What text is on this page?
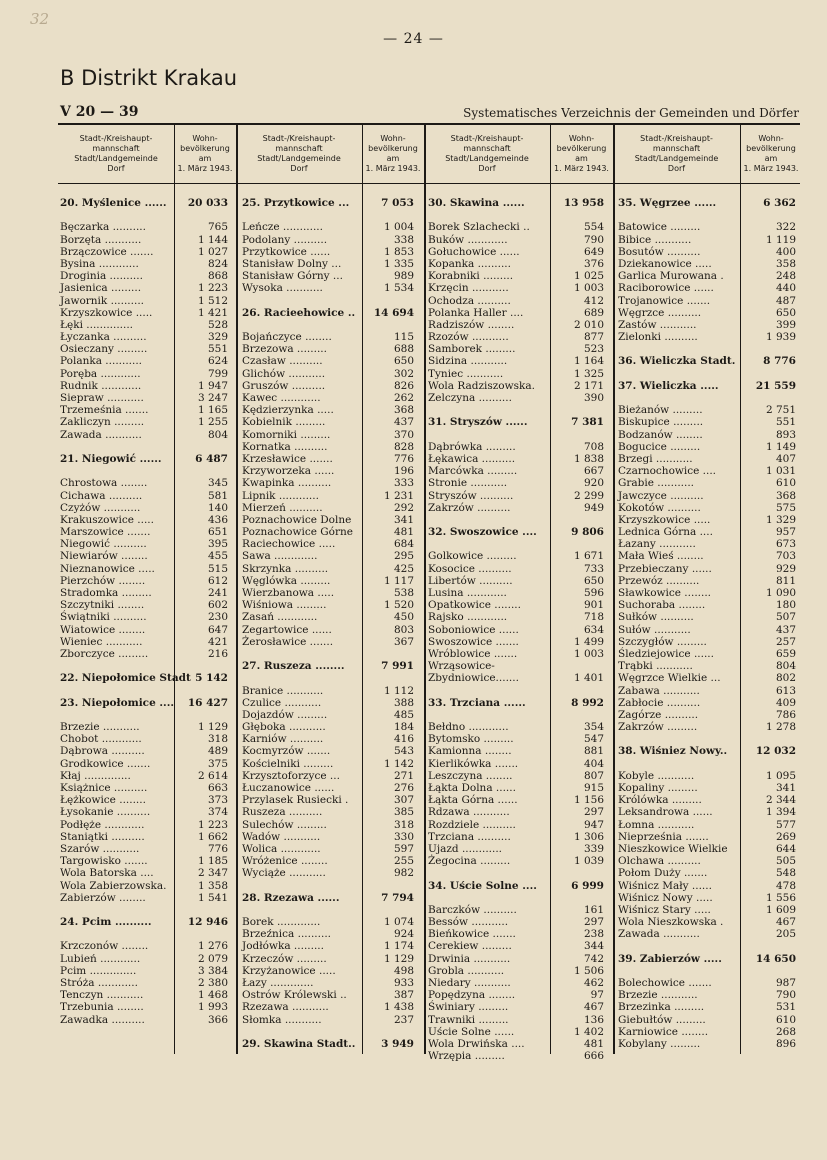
32
— 24 —
B Distrikt Krakau
V 20 — 39	Systematisches Verzeichnis der Gemeinden und Dörfer
Stadt-/Kreishaupt-
mannschaft
Stadt/Landgemeinde
Dorf
Wohn-
bevölkerung
am
1. März 1943.
Stadt-/Kreishaupt-
mannschaft
Stadt/Landgemeinde
Dorf
Wohn-
bevölkerung
am
1. März 1943.
Stadt-/Kreishaupt-
mannschaft
Stadt/Landgemeinde
Dorf
Wohn-
bevölkerung
am
1. März 1943.
Stadt-/Kreishaupt-
mannschaft
Stadt/Landgemeinde
Dorf
Wohn-
bevölkerung
am
1. März 1943.
20. Myślenice ......	20 033
Bęczarka ..........	765
Borzęta ...........	1 144
Brzączowice .......	1 027
Bysina ............	824
Droginia ..........	868
Jasienica .........	1 223
Jawornik ..........	1 512
Krzyszkowice .....	1 421
Łęki ..............	528
Łyczanka ..........	329
Osieczany .........	551
Polanka ...........	624
Poręba ............	799
Rudnik ............	1 947
Siepraw ...........	3 247
Trzemeśnia .......	1 165
Zakliczyn .........	1 255
Zawada ...........	804
21. Niegowić ......	6 487
Chrostowa ........	345
Cichawa ..........	581
Czyżów ...........	140
Krakuszowice .....	436
Marszowice .......	651
Niegowić ..........	395
Niewiarów ........	455
Nieznanowice .....	515
Pierzchów ........	612
Stradomka .........	241
Szczytniki ........	602
Świątniki ..........	230
Wiatowice ........	647
Wieniec ...........	421
Zborczyce .........	216
22. Niepołomice Stadt 5 142
23. Niepołomice ....	16 427
Brzezie ...........	1 129
Chobot ............	318
Dąbrowa ..........	489
Grodkowice .......	375
Kłaj ..............	2 614
Książnice ..........	663
Łężkowice ........	373
Łysokanie ..........	374
Podłęże ............	1 223
Staniątki ..........	1 662
Szarów ...........	776
Targowisko .......	1 185
Wola Batorska ....	2 347
Wola Zabierzowska.	1 358
Zabierzów ........	1 541
24. Pcim ..........	12 946
Krzczonów ........	1 276
Lubień ............	2 079
Pcim ..............	3 384
Stróża ............	2 380
Tenczyn ...........	1 468
Trzebunia ........	1 993
Zawadka ..........	366
25. Przytkowice ...	7 053
Leńcze ............	1 004
Podolany ..........	338
Przytkowice ......	1 853
Stanisław Dolny ...	1 335
Stanisław Górny ...	989
Wysoka ...........	1 534
26. Racieehowice ..	14 694
Bojańczyce ........	115
Brzezowa .........	688
Czasław ..........	650
Glichów ...........	302
Gruszów ..........	826
Kawec ............	262
Kędzierzynka .....	368
Kobielnik .........	437
Komorniki .........	370
Kornatka ..........	828
Krzesławice .......	776
Krzyworzeka ......	196
Kwapinka ..........	333
Lipnik ............	1 231
Mierzeń ..........	292
Poznachowice Dolne	341
Poznachowice Górne	481
Raciechowice .....	684
Sawa .............	295
Skrzynka ..........	425
Węglówka .........	1 117
Wierzbanowa .....	538
Wiśniowa .........	1 520
Zasań ............	450
Zegartowice ......	803
Żerosławice .......	367
27. Ruszeza ........	7 991
Branice ...........	1 112
Czulice ...........	388
Dojazdów .........	485
Głęboka ...........	184
Karniów ..........	416
Kocmyrzów .......	543
Kościelniki .........	1 142
Krzysztoforzyce ...	271
Łuczanowice ......	276
Przylasek Rusiecki .	307
Ruszeza ..........	385
Sulechów .........	318
Wadów ...........	330
Wolica ............	597
Wróżenice ........	255
Wyciąże ...........	982
28. Rzezawa ......	7 794
Borek .............	1 074
Brzeźnica ..........	924
Jodłówka .........	1 174
Krzeczów .........	1 129
Krzyżanowice .....	498
Łazy .............	933
Ostrów Królewski ..	387
Rzezawa ...........	1 438
Słomka ...........	237
29. Skawina Stadt..	3 949
30. Skawina ......	13 958
Borek Szlachecki ..	554
Buków ............	790
Gołuchowice ......	649
Kopanka ..........	376
Korabniki .........	1 025
Krzęcin ...........	1 003
Ochodza ..........	412
Polanka Haller ....	689
Radziszów ........	2 010
Rzozów ...........	877
Samborek .........	523
Sidzina ...........	1 164
Tyniec ...........	1 325
Wola Radziszowska.	2 171
Zelczyna ..........	390
31. Stryszów ......	7 381
Dąbrówka .........	708
Łękawica ..........	1 838
Marcówka .........	667
Stronie ...........	920
Stryszów ..........	2 299
Zakrzów ..........	949
32. Swoszowice ....	9 806
Golkowice .........	1 671
Kosocice ..........	733
Libertów ..........	650
Lusina ............	596
Opatkowice ........	901
Rajsko ............	718
Soboniowice ......	634
Swoszowice .......	1 499
Wróblowice .......	1 003
Wrząsowice-
Zbydniowice.......	1 401
33. Trzciana ......	8 992
Bełdno ............	354
Bytomsko .........	547
Kamionna ........	881
Kierlikówka .......	404
Leszczyna ........	807
Łąkta Dolna ......	915
Łąkta Górna ......	1 156
Rdzawa ...........	297
Rozdziele ..........	947
Trzciana ..........	1 306
Ujazd ............	339
Żegocina .........	1 039
34. Uście Solne ....	6 999
Barczków ..........	161
Bessów ...........	297
Bieńkowice .......	238
Cerekiew .........	344
Drwinia ...........	742
Grobla ...........	1 506
Niedary ...........	462
Popędzyna ........	97
Świniary .........	467
Trawniki .........	136
Uście Solne ......	1 402
Wola Drwińska ....	481
Wrzępia .........	666
35. Węgrzee ......	6 362
Batowice .........	322
Bibice ...........	1 119
Bosutów ..........	400
Dziekanowice .....	358
Garlica Murowana .	248
Raciborowice ......	440
Trojanowice .......	487
Węgrzce ..........	650
Zastów ...........	399
Zielonki ..........	1 939
36. Wieliczka Stadt.	8 776
37. Wieliczka .....	21 559
Bieżanów .........	2 751
Biskupice .........	551
Bodzanów ........	893
Bogucice .........	1 149
Brzegi ...........	407
Czarnochowice ....	1 031
Grabie ...........	610
Jawczyce ..........	368
Kokotów ..........	575
Krzyszkowice .....	1 329
Lednica Górna ....	957
Łazany ...........	673
Mała Wieś ........	703
Przebieczany ......	929
Przewóz ..........	811
Sławkowice ........	1 090
Suchoraba ........	180
Sułków ..........	507
Sułów ...........	437
Szczygłów .........	257
Śledziejowice ......	659
Trąbki ...........	804
Węgrzce Wielkie ...	802
Zabawa ...........	613
Zabłocie ..........	409
Zagórze ..........	786
Zakrzów .........	1 278
38. Wiśniez Nowy..	12 032
Kobyle ...........	1 095
Kopaliny .........	341
Królówka .........	2 344
Leksandrowa ......	1 394
Łomna ...........	577
Nieprześnia .......	269
Nieszkowice Wielkie	644
Olchawa ..........	505
Połom Duży .......	548
Wiśnicz Mały ......	478
Wiśnicz Nowy .....	1 556
Wiśnicz Stary .....	1 609
Wola Nieszkowska .	467
Zawada ...........	205
39. Zabierzów .....	14 650
Bolechowice .......	987
Brzezie ...........	790
Brzezinka .........	531
Giebułtów .........	610
Karniowice ........	268
Kobylany .........	896
